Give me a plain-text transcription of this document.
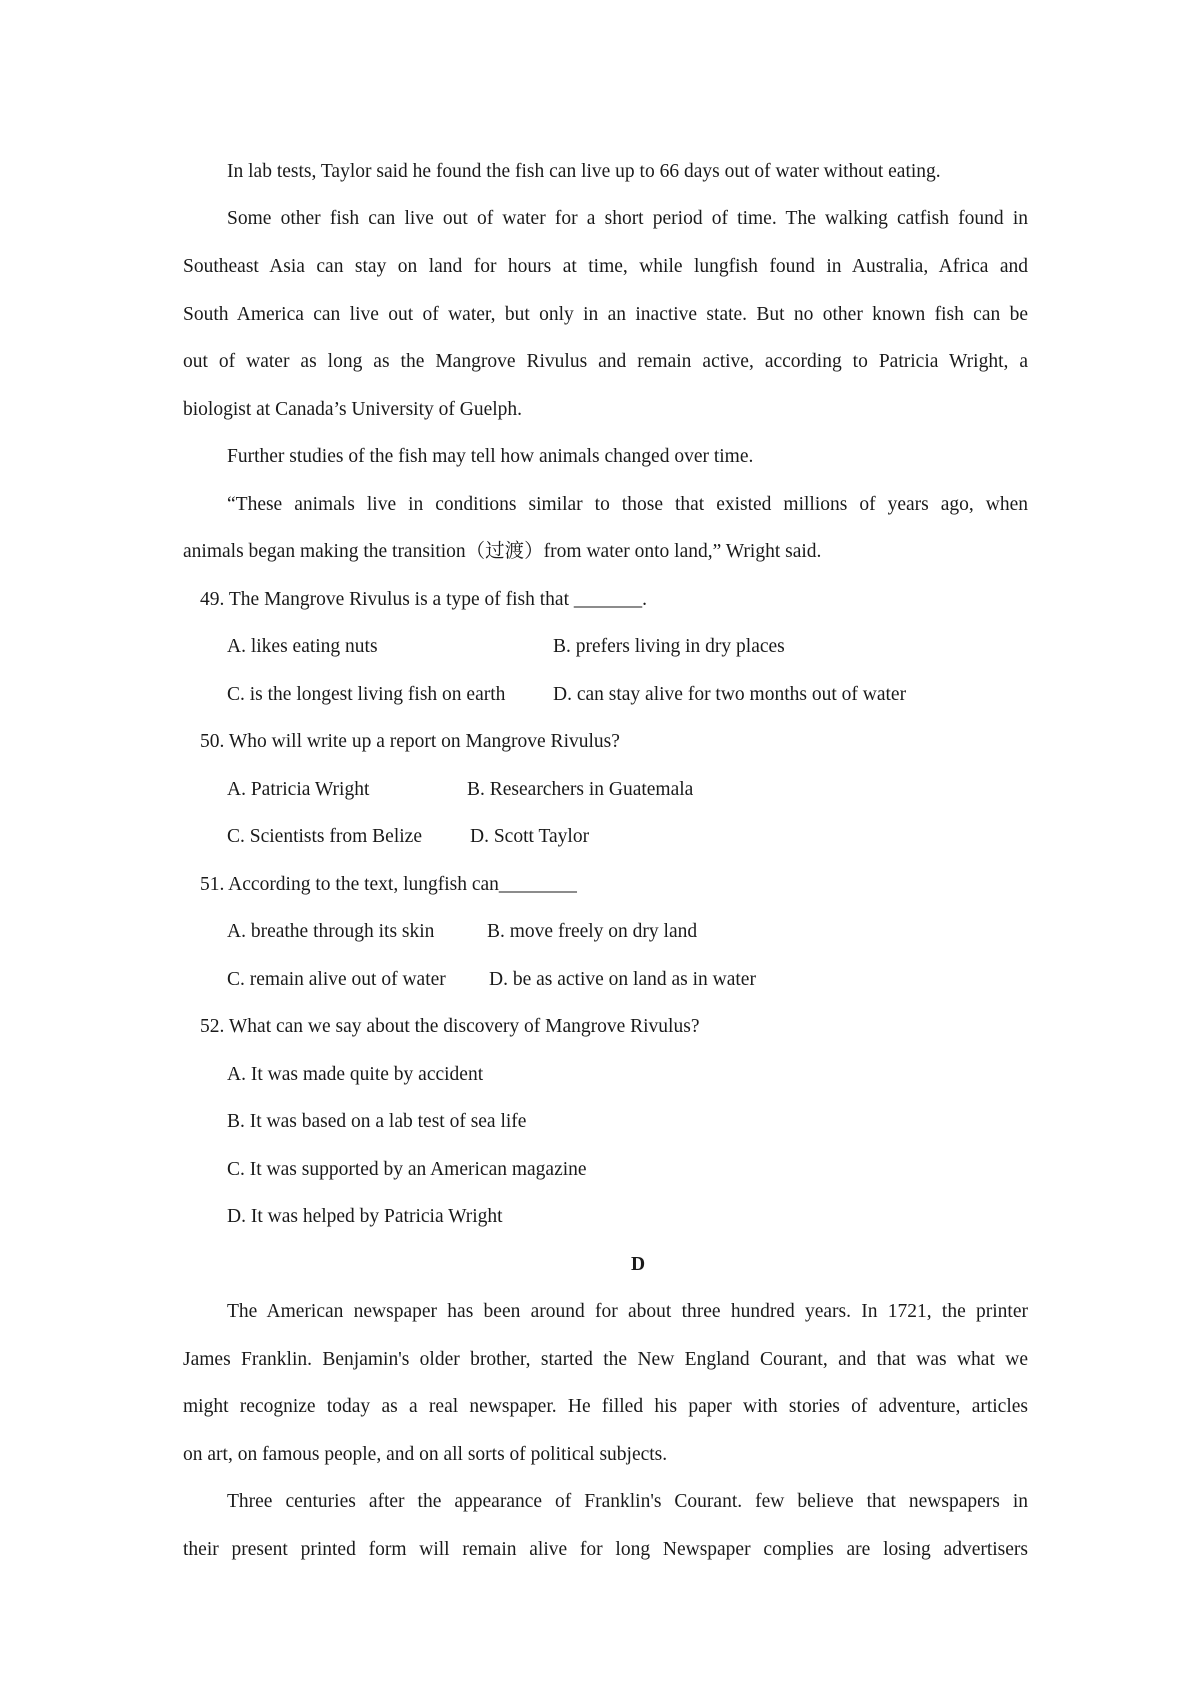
In lab tests, Taylor said he found the fish can live up to 66 days out of water without eating.
Some other fish can live out of water for a short period of time. The walking catfish found in
Southeast Asia can stay on land for hours at time, while lungfish found in Australia, Africa and
South America can live out of water, but only in an inactive state. But no other known fish can be
out of water as long as the Mangrove Rivulus and remain active, according to Patricia Wright, a
biologist at Canada’s University of Guelph.
Further studies of the fish may tell how animals changed over time.
“These animals live in conditions similar to those that existed millions of years ago, when
animals began making the transition（过渡）from water onto land,” Wright said.
49. The Mangrove Rivulus is a type of fish that _______.
A. likes eating nuts	B. prefers living in dry places
C. is the longest living fish on earth D. can stay alive for two months out of water
50. Who will write up a report on Mangrove Rivulus?
A. Patricia Wright	B. Researchers in Guatemala
C. Scientists from Belize D. Scott Taylor
51. According to the text, lungfish can________
A. breathe through its skin	B. move freely on dry land
C. remain alive out of water D. be as active on land as in water
52. What can we say about the discovery of Mangrove Rivulus?
A. It was made quite by accident
B. It was based on a lab test of sea life
C. It was supported by an American magazine
D. It was helped by Patricia Wright
D
The American newspaper has been around for about three hundred years. In 1721, the printer
James Franklin. Benjamin's older brother, started the New England Courant, and that was what we
might recognize today as a real newspaper. He filled his paper with stories of adventure, articles
on art, on famous people, and on all sorts of political subjects.
Three centuries after the appearance of Franklin's Courant. few believe that newspapers in
their present printed form will remain alive for long Newspaper complies are losing advertisers
